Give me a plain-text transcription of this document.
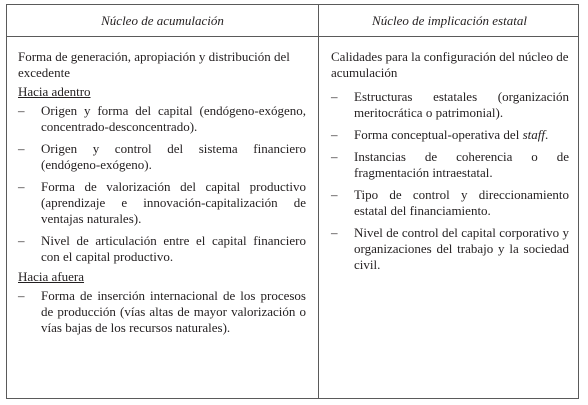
Núcleo de acumulación	Núcleo de implicación estatal
Forma de generación, apropiación y distribución del excedente
Hacia adentro
– Origen y forma del capital (endógeno-exógeno, concentrado-desconcentrado).
– Origen y control del sistema financiero (endógeno-exógeno).
– Forma de valorización del capital productivo (aprendizaje e innovación-capitalización de ventajas naturales).
– Nivel de articulación entre el capital financiero con el capital productivo.
Hacia afuera
– Forma de inserción internacional de los procesos de producción (vías altas de mayor valorización o vías bajas de los recursos naturales).
Calidades para la configuración del núcleo de acumulación
– Estructuras estatales (organización meritocrática o patrimonial).
– Forma conceptual-operativa del staff.
– Instancias de coherencia o de fragmentación intraestatal.
– Tipo de control y direccionamiento estatal del financiamiento.
– Nivel de control del capital corporativo y organizaciones del trabajo y la sociedad civil.
